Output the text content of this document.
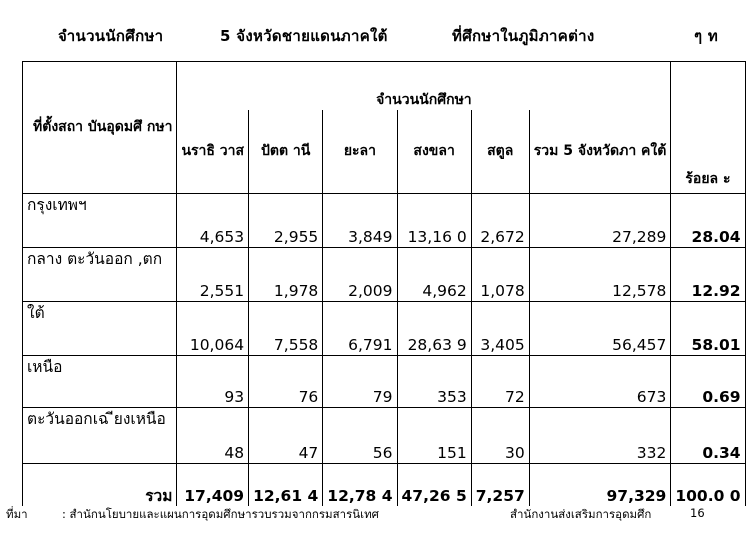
จำนวนนักศึกษา	5 จังหวัดชายแดนภาคใต้	ที่ศึกษาในภูมิภาคต่าง	ๆ ท
ที่ตั้งสถา บันอุดมศึ กษา	จำนวนนักศึกษา						ร้อยล ะ
	นราธิ วาส	ปัตต านี	ยะลา	สงขลา	สตูล	รวม 5 จังหวัดภา คใต้	
กรุงเทพฯ	4,653	2,955	3,849	13,16 0	2,672	27,289	28.04
กลาง ตะวันออก ,ตก	2,551	1,978	2,009	4,962	1,078	12,578	12.92
ใต้	10,064	7,558	6,791	28,63 9	3,405	56,457	58.01
เหนือ	93	76	79	353	72	673	0.69
ตะวันออกเฉ ียงเหนือ	48	47	56	151	30	332	0.34
รวม	17,409	12,61 4	12,78 4	47,26 5	7,257	97,329	100.0 0
ที่มา	: สำนักนโยบายและแผนการอุดมศึกษารวบรวมจากกรมสารนิเทศ	สำนักงานส่งเสริมการอุดมศึก	16
